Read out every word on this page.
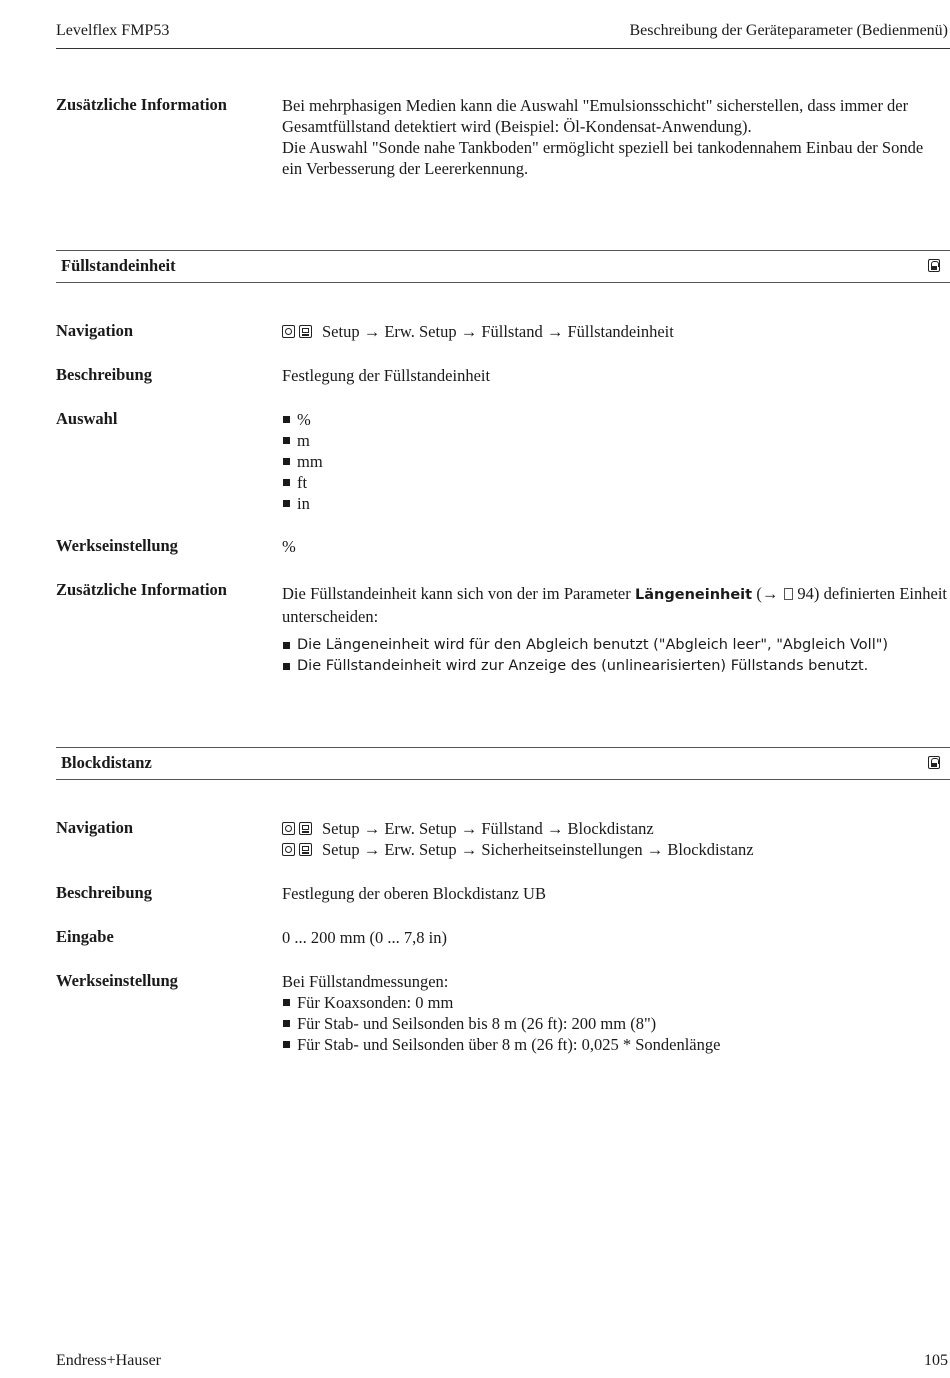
Levelflex FMP53	Beschreibung der Geräteparameter (Bedienmenü)
Zusätzliche Information	Bei mehrphasigen Medien kann die Auswahl "Emulsionsschicht" sicherstellen, dass immer der Gesamtfüllstand detektiert wird (Beispiel: Öl-Kondensat-Anwendung).

Die Auswahl "Sonde nahe Tankboden" ermöglicht speziell bei tankodennahem Einbau der Sonde ein Verbesserung der Leererkennung.

Füllstandeinheit
Navigation	Setup → Erw. Setup → Füllstand → Füllstandeinheit
Beschreibung	Festlegung der Füllstandeinheit
Auswahl	%
m
mm
ft
in
Werkseinstellung	%
Zusätzliche Information	Die Füllstandeinheit kann sich von der im Parameter Längeneinheit (→ 94) definierten Einheit unterscheiden:

Die Längeneinheit wird für den Abgleich benutzt ("Abgleich leer", "Abgleich Voll")
Die Füllstandeinheit wird zur Anzeige des (unlinearisierten) Füllstands benutzt.
Blockdistanz
Navigation	Setup → Erw. Setup → Füllstand → Blockdistanz
Setup → Erw. Setup → Sicherheitseinstellungen → Blockdistanz
Beschreibung	Festlegung der oberen Blockdistanz UB
Eingabe	0 ... 200 mm (0 ... 7,8 in)
Werkseinstellung	Bei Füllstandmessungen:

Für Koaxsonden: 0 mm
Für Stab- und Seilsonden bis 8 m (26 ft): 200 mm (8")
Für Stab- und Seilsonden über 8 m (26 ft): 0,025 * Sondenlänge
Endress+Hauser	105
